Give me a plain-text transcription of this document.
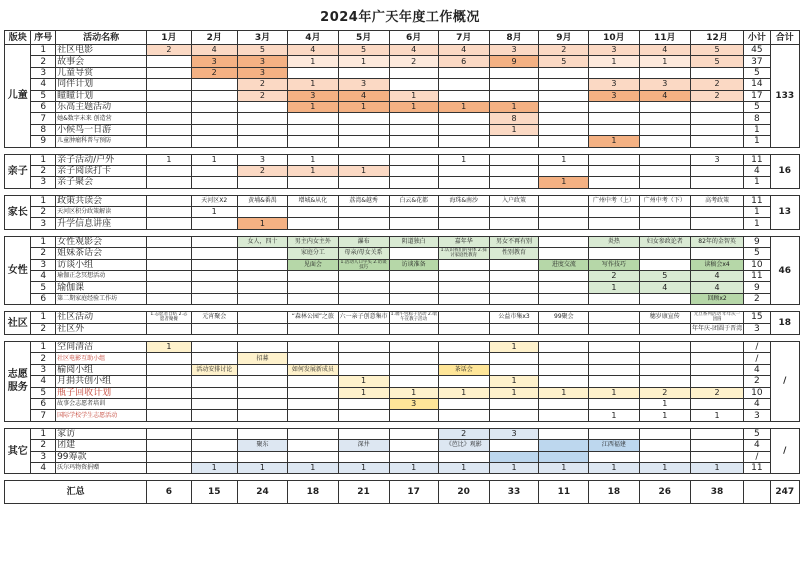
2024年广天年度工作概况
版块	序号	活动名称	1月	2月	3月	4月	5月	6月	7月	8月	9月	10月	11月	12月	小计	合计
儿童	1	社区电影	2	4	5	4	5	4	4	3	2	3	4	5	45	133
	2	故事会		3	3	1	1	2	6	9	5	1	1	5	37	
	3	儿童导赏		2	3										5	
	4	同伴计划			2	1	3					3	3	2	14	
	5	瞳瞳计划			2	3	4	1				3	4	2	17	
	6	乐高主题活动				1	1	1	1	1					5	
	7	她&数字未来 创造营								8					8	
	8	小候鸟一日游								1					1	
	9	儿童肿瘤科普与预防										1			1	

亲子	1	亲子活动/户外	1	1	3	1			1		1			3	11	16
	2	亲子阅读打卡			2	1	1								4	
	3	亲子聚会									1				1	

家长	1	政策共读会		天河区X2	黄埔&番禺	增城&从化	荔湾&越秀	白云&花都	海珠&南沙	入户政策		广州中考（上）	广州中考（下）	高考政策	11	13
	2	天河区积分政策解读		1											1	
	3	升学信息讲座			1										1	

女性	1	女性观影会			女人，四十	男主内女主外	瀑布	阴道独白	嘉年华	男女不再有别		炎热	妇女参政论者	82年的金智英	9	46
	2	姐妹茶话会				家庭分工	母亲/母女关系		1.认识我们的身体 2.探讨家庭性教育	性别教育					5	
	3	访谈小组				见面会	1.活动人口字头 2.访谈技巧	访谈准备			进度交流	写作技巧		读稿会x4	10	
	4	瑜伽正念冥想活动										2	5	4	11	
	5	瑜伽课										1	4	4	9	
	6	第二期家庭经验工作坊												回顾x2	2	

社区	1	社区活动	1.志愿者自结 2.志愿者聚餐	元宵聚会		“森林公园”之旅	六一亲子创意集市	1.端午包粽子活动 2.端午宣教子活动		公益市集x3	99聚会		穗岁康宣传	元旦系列活动 年年庆一团圆	15	18
	2	社区外												年年庆-团圆于晋湾	3	

志愿服务	1	空间清洁	1							1					/	/
	2	社区电影互助小组			招募										/	
	3	榆阅小组		活动安排讨论		如何发展新成员			茶话会						4	
	4	月捐共创小组					1			1					2	
	5	瓶子回收计划					1	1	1	1	1	1	2	2	10	
	6	故事会志愿者培训						3					1		4	
	7	国际学校学生志愿活动										1	1	1	3	

其它	1	家访							2	3					5	/
	2	团建			聚东		深井		《芭比》观影			江西福建			4	
	3	99筹款													/	
	4	沃尔玛物资捐赠		1	1	1	1	1	1	1	1	1	1	1	11	

汇总			6	15	24	18	21	17	20	33	11	18	26	38		247
